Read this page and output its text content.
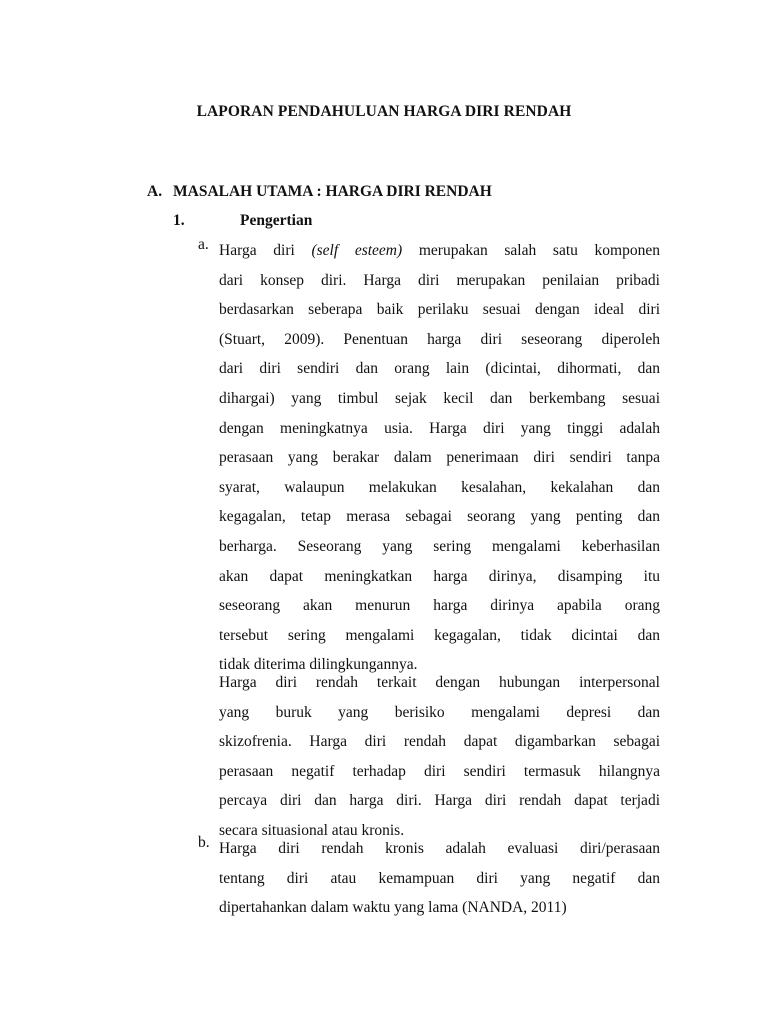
LAPORAN PENDAHULUAN HARGA DIRI RENDAH
A. MASALAH UTAMA : HARGA DIRI RENDAH
1.	Pengertian
a. Harga diri (self esteem) merupakan salah satu komponen
dari konsep diri. Harga diri merupakan penilaian pribadi
berdasarkan seberapa baik perilaku sesuai dengan ideal diri
(Stuart, 2009). Penentuan harga diri seseorang diperoleh
dari diri sendiri dan orang lain (dicintai, dihormati, dan
dihargai) yang timbul sejak kecil dan berkembang sesuai
dengan meningkatnya usia. Harga diri yang tinggi adalah
perasaan yang berakar dalam penerimaan diri sendiri tanpa
syarat, walaupun melakukan kesalahan, kekalahan dan
kegagalan, tetap merasa sebagai seorang yang penting dan
berharga. Seseorang yang sering mengalami keberhasilan
akan dapat meningkatkan harga dirinya, disamping itu
seseorang akan menurun harga dirinya apabila orang
tersebut sering mengalami kegagalan, tidak dicintai dan
tidak diterima dilingkungannya.
Harga diri rendah terkait dengan hubungan interpersonal
yang buruk yang berisiko mengalami depresi dan
skizofrenia. Harga diri rendah dapat digambarkan sebagai
perasaan negatif terhadap diri sendiri termasuk hilangnya
percaya diri dan harga diri. Harga diri rendah dapat terjadi
secara situasional atau kronis.
b. Harga diri rendah kronis adalah evaluasi diri/perasaan
tentang diri atau kemampuan diri yang negatif dan
dipertahankan dalam waktu yang lama (NANDA, 2011)
